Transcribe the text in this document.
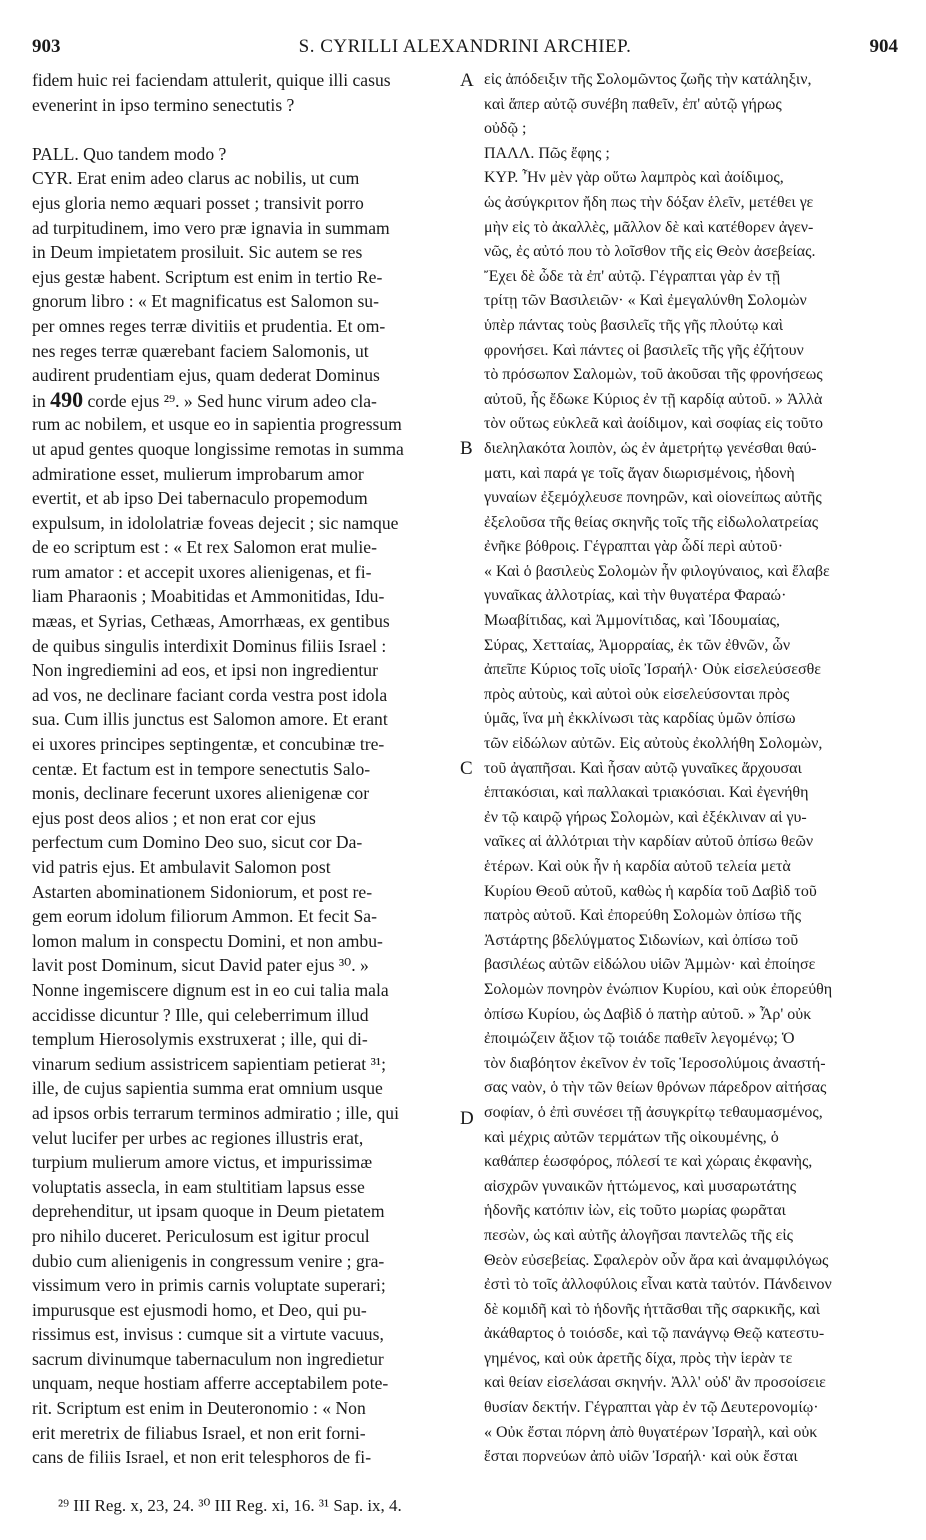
903	S. CYRILLI ALEXANDRINI ARCHIEP.	904
fidem huic rei faciendam attulerit, quique illi casus
evenerint in ipso termino senectutis ?
PALL. Quo tandem modo ?
CYR. Erat enim adeo clarus ac nobilis, ut cum
ejus gloria nemo æquari posset ; transivit porro
ad turpitudinem, imo vero præ ignavia in summam
in Deum impietatem prosiluit. Sic autem se res
ejus gestæ habent. Scriptum est enim in tertio Re-
gnorum libro : « Et magnificatus est Salomon su-
per omnes reges terræ divitiis et prudentia. Et om-
nes reges terræ quærebant faciem Salomonis, ut
audirent prudentiam ejus, quam dederat Dominus
in 490 corde ejus ²⁹. » Sed hunc virum adeo cla-
rum ac nobilem, et usque eo in sapientia progressum
ut apud gentes quoque longissime remotas in summa
admiratione esset, mulierum improbarum amor
evertit, et ab ipso Dei tabernaculo propemodum
expulsum, in idololatriæ foveas dejecit ; sic namque
de eo scriptum est : « Et rex Salomon erat mulie-
rum amator : et accepit uxores alienigenas, et fi-
liam Pharaonis ; Moabitidas et Ammonitidas, Idu-
mæas, et Syrias, Cethæas, Amorrhæas, ex gentibus
de quibus singulis interdixit Dominus filiis Israel :
Non ingrediemini ad eos, et ipsi non ingredientur
ad vos, ne declinare faciant corda vestra post idola
sua. Cum illis junctus est Salomon amore. Et erant
ei uxores principes septingentæ, et concubinæ tre-
centæ. Et factum est in tempore senectutis Salo-
monis, declinare fecerunt uxores alienigenæ cor
ejus post deos alios ; et non erat cor ejus
perfectum cum Domino Deo suo, sicut cor Da-
vid patris ejus. Et ambulavit Salomon post
Astarten abominationem Sidoniorum, et post re-
gem eorum idolum filiorum Ammon. Et fecit Sa-
lomon malum in conspectu Domini, et non ambu-
lavit post Dominum, sicut David pater ejus ³⁰. »
Nonne ingemiscere dignum est in eo cui talia mala
accidisse dicuntur ? Ille, qui celeberrimum illud
templum Hierosolymis exstruxerat ; ille, qui di-
vinarum sedium assistricem sapientiam petierat ³¹;
ille, de cujus sapientia summa erat omnium usque
ad ipsos orbis terrarum terminos admiratio ; ille, qui
velut lucifer per urbes ac regiones illustris erat,
turpium mulierum amore victus, et impurissimæ
voluptatis assecla, in eam stultitiam lapsus esse
deprehenditur, ut ipsam quoque in Deum pietatem
pro nihilo duceret. Periculosum est igitur procul
dubio cum alienigenis in congressum venire ; gra-
vissimum vero in primis carnis voluptate superari;
impurusque est ejusmodi homo, et Deo, qui pu-
rissimus est, invisus : cumque sit a virtute vacuus,
sacrum divinumque tabernaculum non ingredietur
unquam, neque hostiam afferre acceptabilem pote-
rit. Scriptum est enim in Deuteronomio : « Non
erit meretrix de filiabus Israel, et non erit forni-
cans de filiis Israel, et non erit telesphoros de fi-
εἰς ἀπόδειξιν τῆς Σολομῶντος ζωῆς τὴν κατάληξιν,
καὶ ἅπερ αὐτῷ συνέβη παθεῖν, ἐπ' αὐτῷ γήρως
οὐδῷ ;
ΠΑΛΛ. Πῶς ἔφης ;
ΚΥΡ. Ἦν μὲν γὰρ οὕτω λαμπρὸς καὶ ἀοίδιμος,
ὡς ἀσύγκριτον ἤδη πως τὴν δόξαν ἑλεῖν, μετέθει γε
μὴν εἰς τὸ ἀκαλλὲς, μᾶλλον δὲ καὶ κατέθορεν ἀγεν-
νῶς, ἐς αὐτό που τὸ λοῖσθον τῆς εἰς Θεὸν ἀσεβείας.
Ἔχει δὲ ὧδε τὰ ἐπ' αὐτῷ. Γέγραπται γὰρ ἐν τῇ
τρίτῃ τῶν Βασιλειῶν· « Καὶ ἐμεγαλύνθη Σολομὼν
ὑπὲρ πάντας τοὺς βασιλεῖς τῆς γῆς πλούτῳ καὶ
φρονήσει. Καὶ πάντες οἱ βασιλεῖς τῆς γῆς ἐζήτουν
τὸ πρόσωπον Σαλομὼν, τοῦ ἀκοῦσαι τῆς φρονήσεως
αὐτοῦ, ἧς ἔδωκε Κύριος ἐν τῇ καρδίᾳ αὐτοῦ. » Ἀλλὰ
τὸν οὕτως εὐκλεᾶ καὶ ἀοίδιμον, καὶ σοφίας εἰς τοῦτο
διεληλακότα λοιπὸν, ὡς ἐν ἀμετρήτῳ γενέσθαι θαύ-
ματι, καὶ παρά γε τοῖς ἄγαν διωρισμένοις, ἠδονὴ
γυναίων ἐξεμόχλευσε πονηρῶν, καὶ οἱονείπως αὐτῆς
ἐξελοῦσα τῆς θείας σκηνῆς τοῖς τῆς εἰδωλολατρείας
ἐνῆκε βόθροις. Γέγραπται γὰρ ὧδί περὶ αὐτοῦ·
« Καὶ ὁ βασιλεὺς Σολομὼν ἦν φιλογύναιος, καὶ ἔλαβε
γυναῖκας ἀλλοτρίας, καὶ τὴν θυγατέρα Φαραώ·
Μωαβίτιδας, καὶ Ἀμμονίτιδας, καὶ Ἰδουμαίας,
Σύρας, Χετταίας, Ἀμορραίας, ἐκ τῶν ἐθνῶν, ὧν
ἀπεῖπε Κύριος τοῖς υἱοῖς Ἰσραήλ· Οὐκ εἰσελεύσεσθε
πρὸς αὐτοὺς, καὶ αὐτοὶ οὐκ εἰσελεύσονται πρὸς
ὑμᾶς, ἵνα μὴ ἐκκλίνωσι τὰς καρδίας ὑμῶν ὀπίσω
τῶν εἰδώλων αὐτῶν. Εἰς αὐτοὺς ἐκολλήθη Σολομὼν,
τοῦ ἀγαπῆσαι. Καὶ ἦσαν αὐτῷ γυναῖκες ἄρχουσαι
ἑπτακόσιαι, καὶ παλλακαὶ τριακόσιαι. Καὶ ἐγενήθη
ἐν τῷ καιρῷ γήρως Σολομὼν, καὶ ἐξέκλιναν αἱ γυ-
ναῖκες αἱ ἀλλότριαι τὴν καρδίαν αὐτοῦ ὀπίσω θεῶν
ἑτέρων. Καὶ οὐκ ἦν ἡ καρδία αὐτοῦ τελεία μετὰ
Κυρίου Θεοῦ αὐτοῦ, καθὼς ἡ καρδία τοῦ Δαβὶδ τοῦ
πατρὸς αὐτοῦ. Καὶ ἐπορεύθη Σολομὼν ὀπίσω τῆς
Ἀστάρτης βδελύγματος Σιδωνίων, καὶ ὀπίσω τοῦ
βασιλέως αὐτῶν εἰδώλου υἱῶν Ἀμμὼν· καὶ ἐποίησε
Σολομὼν πονηρὸν ἐνώπιον Κυρίου, καὶ οὐκ ἐπορεύθη
ὀπίσω Κυρίου, ὡς Δαβὶδ ὁ πατὴρ αὐτοῦ. » Ἆρ' οὐκ
ἐποιμώζειν ἄξιον τῷ τοιάδε παθεῖν λεγομένῳ; Ὁ
τὸν διαβόητον ἐκεῖνον ἐν τοῖς Ἱεροσολύμοις ἀναστή-
σας ναὸν, ὁ τὴν τῶν θείων θρόνων πάρεδρον αἰτήσας
σοφίαν, ὁ ἐπὶ συνέσει τῇ ἀσυγκρίτῳ τεθαυμασμένος,
καὶ μέχρις αὐτῶν τερμάτων τῆς οἰκουμένης, ὁ
καθάπερ ἑωσφόρος, πόλεσί τε καὶ χώραις ἐκφανὴς,
αἰσχρῶν γυναικῶν ἡττώμενος, καὶ μυσαρωτάτης
ἡδονῆς κατόπιν ἰὼν, εἰς τοῦτο μωρίας φωρᾶται
πεσὼν, ὡς καὶ αὐτῆς ἀλογῆσαι παντελῶς τῆς εἰς
Θεὸν εὐσεβείας. Σφαλερὸν οὖν ἄρα καὶ ἀναμφιλόγως
ἐστὶ τὸ τοῖς ἀλλοφύλοις εἶναι κατὰ ταὐτόν. Πάνδεινον
δὲ κομιδῆ καὶ τὸ ἡδονῆς ἡττᾶσθαι τῆς σαρκικῆς, καὶ
ἀκάθαρτος ὁ τοιόσδε, καὶ τῷ πανάγνῳ Θεῷ κατεστυ-
γημένος, καὶ οὐκ ἀρετῆς δίχα, πρὸς τὴν ἱερὰν τε
καὶ θείαν εἰσελάσαι σκηνήν. Ἀλλ' οὐδ' ἂν προσοίσειε
θυσίαν δεκτήν. Γέγραπται γὰρ ἐν τῷ Δευτερονομίῳ·
« Οὐκ ἔσται πόρνη ἀπὸ θυγατέρων Ἰσραὴλ, καὶ οὐκ
ἔσται πορνεύων ἀπὸ υἱῶν Ἰσραήλ· καὶ οὐκ ἔσται
A
B
C
D
²⁹ III Reg. x, 23, 24. ³⁰ III Reg. xi, 16. ³¹ Sap. ix, 4.
